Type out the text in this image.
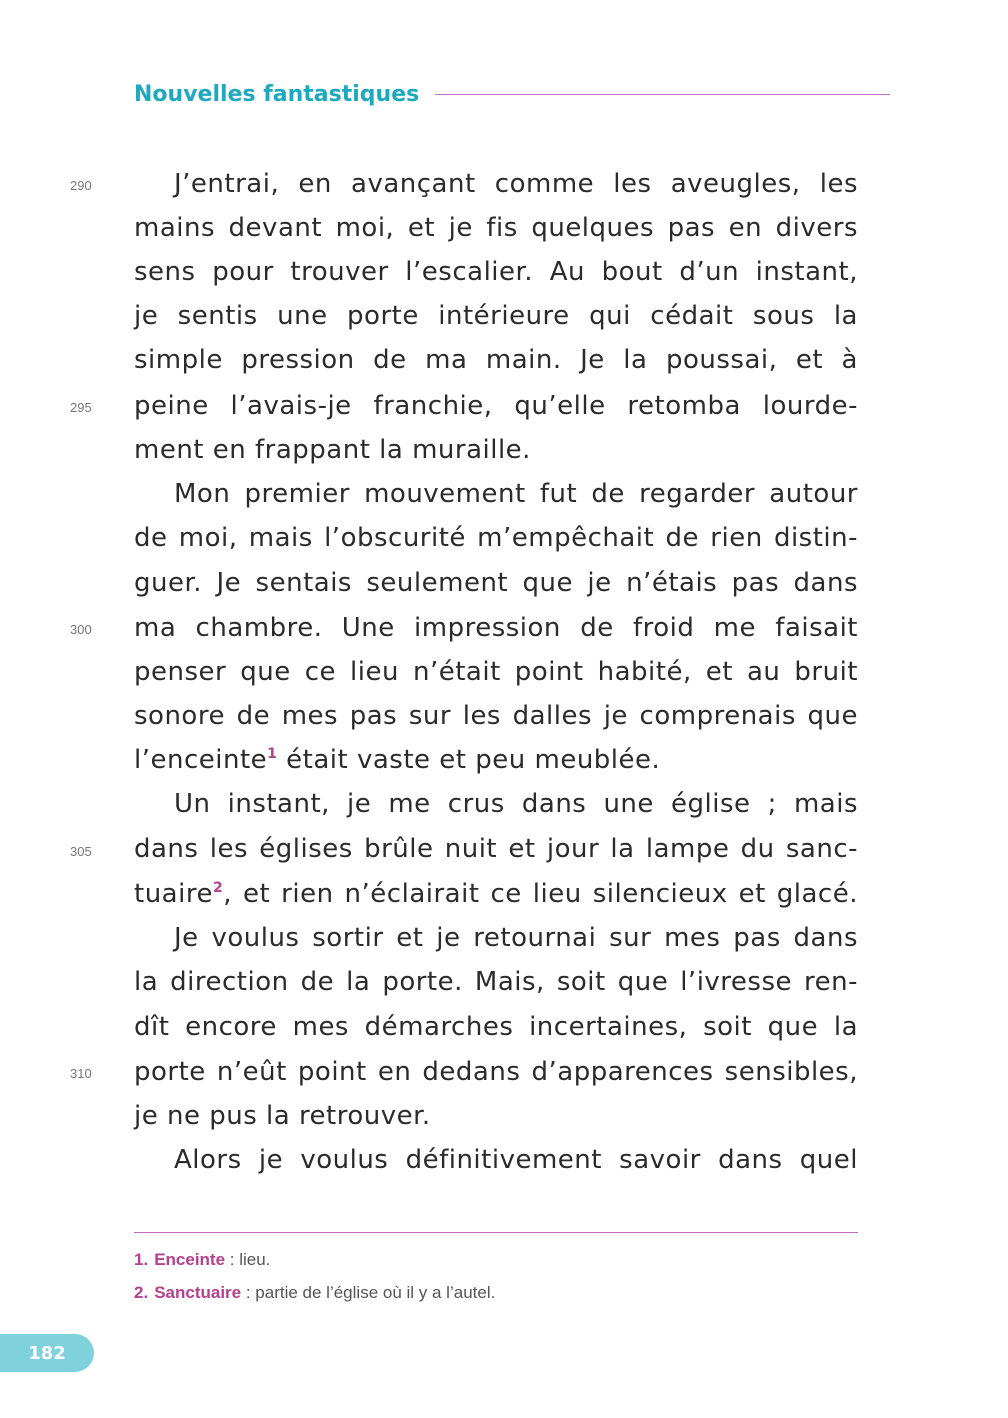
Nouvelles fantastiques
290
295
300
305
310
J’entrai, en avançant comme les aveugles, les
mains devant moi, et je fis quelques pas en divers
sens pour trouver l’escalier. Au bout d’un instant,
je sentis une porte intérieure qui cédait sous la
simple pression de ma main. Je la poussai, et à
peine l’avais-je franchie, qu’elle retomba lourde-
ment en frappant la muraille.
Mon premier mouvement fut de regarder autour
de moi, mais l’obscurité m’empêchait de rien distin-
guer. Je sentais seulement que je n’étais pas dans
ma chambre. Une impression de froid me faisait
penser que ce lieu n’était point habité, et au bruit
sonore de mes pas sur les dalles je comprenais que
l’enceinte$^1$ était vaste et peu meublée.
Un instant, je me crus dans une église ; mais
dans les églises brûle nuit et jour la lampe du sanc-
tuaire$^2$, et rien n’éclairait ce lieu silencieux et glacé.
Je voulus sortir et je retournai sur mes pas dans
la direction de la porte. Mais, soit que l’ivresse ren-
dît encore mes démarches incertaines, soit que la
porte n’eût point en dedans d’apparences sensibles,
je ne pus la retrouver.
Alors je voulus définitivement savoir dans quel
1. Enceinte : lieu.
2. Sanctuaire : partie de l’église où il y a l’autel.
182
